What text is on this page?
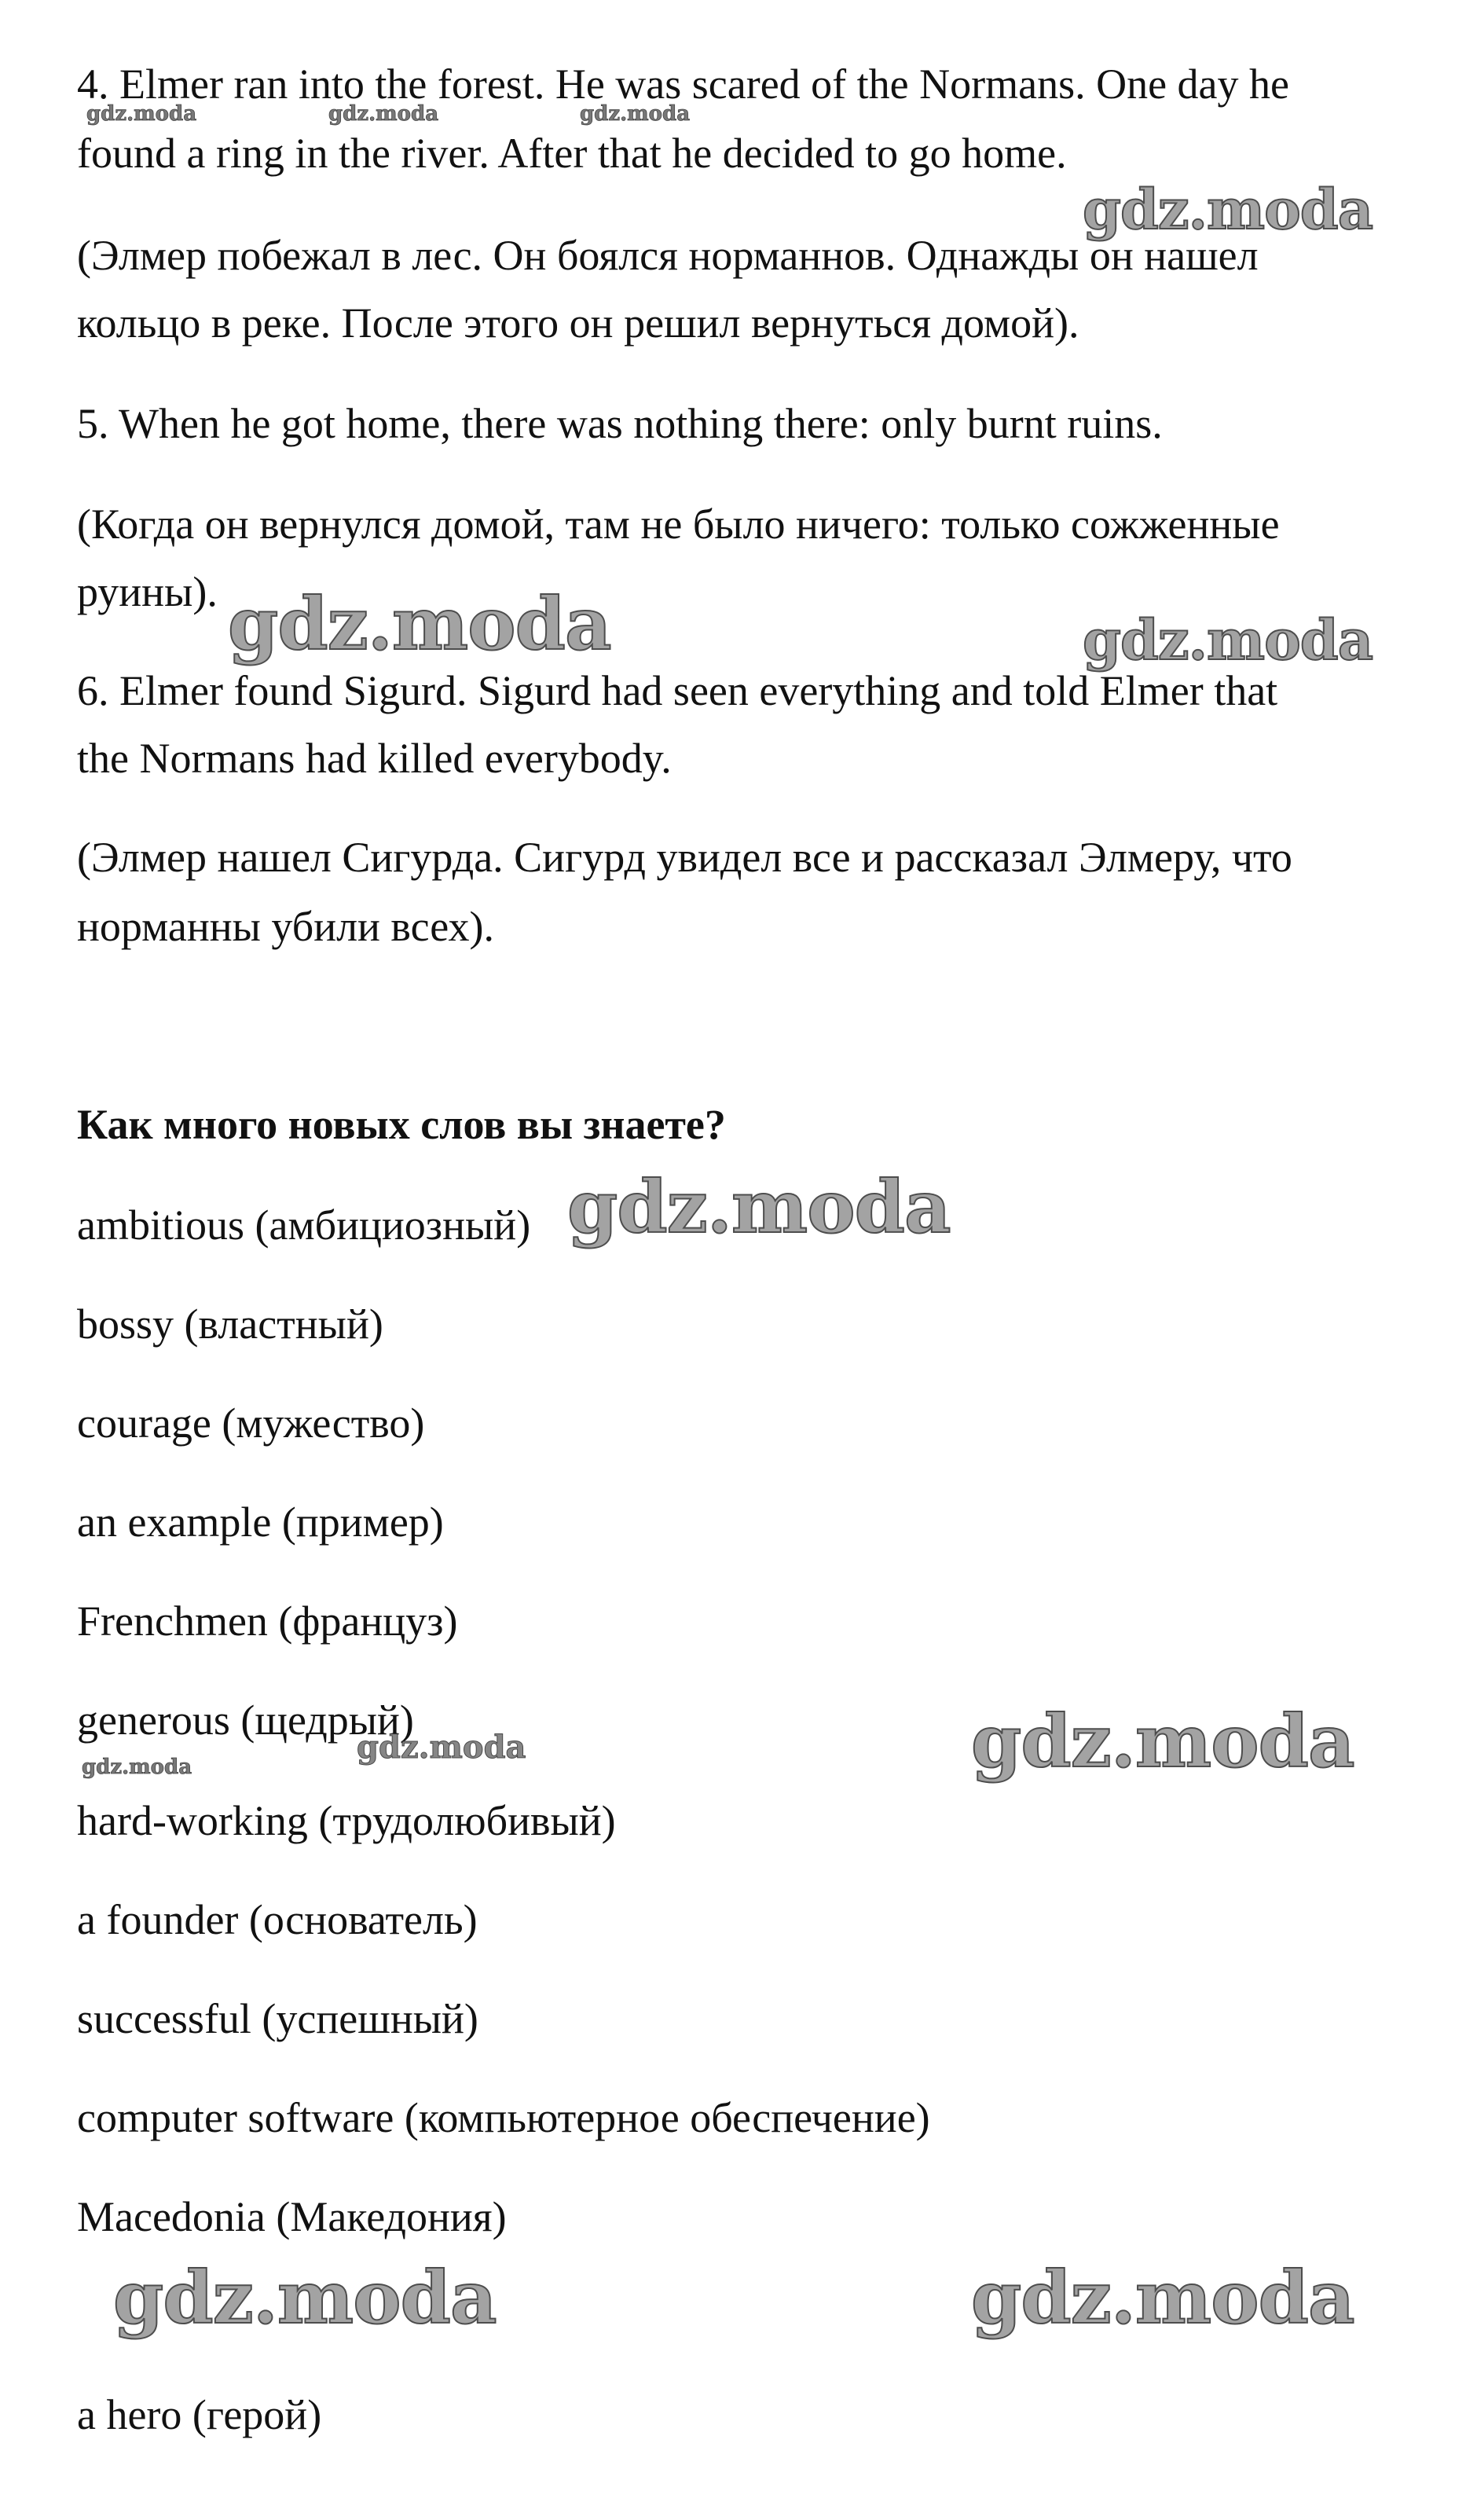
4. Elmer ran into the forest. He was scared of the Normans. One day he
found a ring in the river. After that he decided to go home.
(Элмер побежал в лес. Он боялся норманнов. Однажды он нашел
кольцо в реке. После этого он решил вернуться домой).
5. When he got home, there was nothing there: only burnt ruins.
(Когда он вернулся домой, там не было ничего: только сожженные
руины).
6. Elmer found Sigurd. Sigurd had seen everything and told Elmer that
the Normans had killed everybody.
(Элмер нашел Сигурда. Сигурд увидел все и рассказал Элмеру, что
норманны убили всех).
Как много новых слов вы знаете?
ambitious (амбициозный)
bossy (властный)
courage (мужество)
an example (пример)
Frenchmen (француз)
generous (щедрый)
hard-working (трудолюбивый)
a founder (основатель)
successful (успешный)
computer software (компьютерное обеспечение)
Macedonia (Македония)
a hero (герой)
gdz.moda	gdz.moda	gdz.moda
gdz.moda
gdz.moda	gdz.moda
gdz.moda
gdz.moda
gdz.moda
gdz.moda
gdz.moda	gdz.moda
